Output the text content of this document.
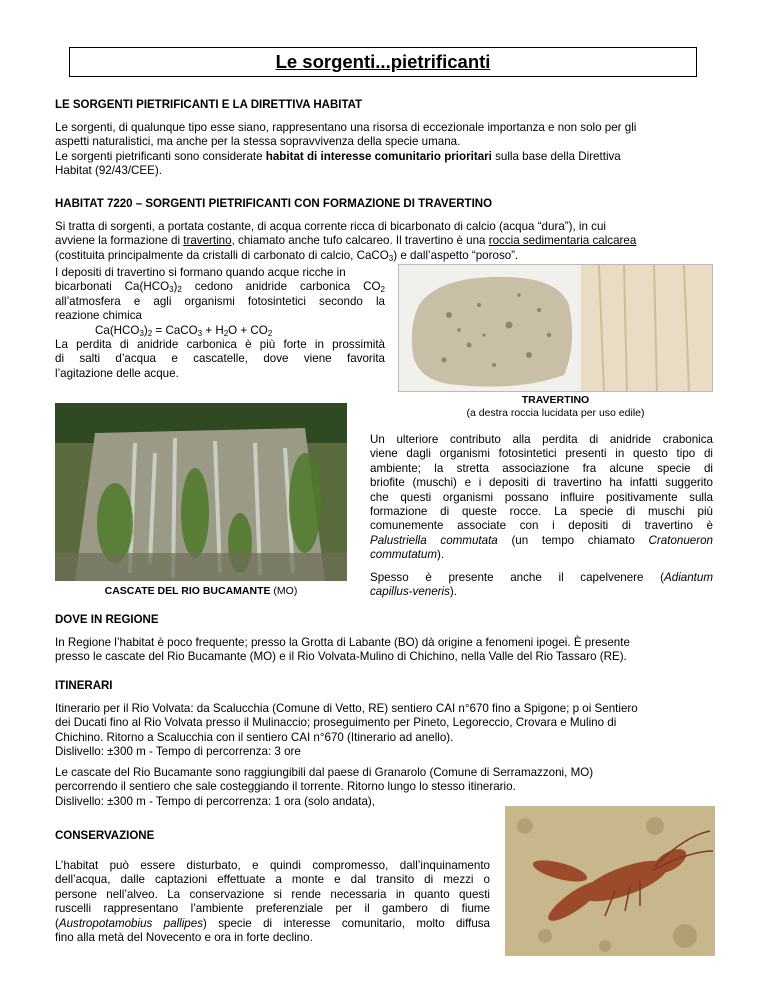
Le sorgenti...pietrificanti
LE SORGENTI PIETRIFICANTI E LA DIRETTIVA HABITAT
Le sorgenti, di qualunque tipo esse siano, rappresentano una risorsa di eccezionale importanza e non solo per gli
aspetti naturalistici, ma anche per la stessa sopravvivenza della specie umana.
Le sorgenti pietrificanti sono considerate habitat di interesse comunitario prioritari sulla base della Direttiva
Habitat (92/43/CEE).
HABITAT 7220 – SORGENTI PIETRIFICANTI CON FORMAZIONE DI TRAVERTINO
Si tratta di sorgenti, a portata costante, di acqua corrente ricca di bicarbonato di calcio (acqua “dura”), in cui
avviene la formazione di travertino, chiamato anche tufo calcareo. Il travertino è una roccia sedimentaria calcarea
(costituita principalmente da cristalli di carbonato di calcio, CaCO$_3$) e dall’aspetto “poroso”.
I depositi di travertino si formano quando acque ricche in
bicarbonati $Ca(HCO_3)_2$ cedono anidride carbonica $CO_2$
all’atmosfera e agli organismi fotosintetici secondo la
reazione chimica
$Ca(HCO_3)_2$ = CaCO$_3$ + $H_2O + CO_2$
La perdita di anidride carbonica è più forte in prossimità
di salti d’acqua e cascatelle, dove viene favorita
l’agitazione delle acque.
TRAVERTINO
(a destra roccia lucidata per uso edile)
CASCATE DEL RIO BUCAMANTE (MO)
Un ulteriore contributo alla perdita di anidride crabonica
viene dagli organismi fotosintetici presenti in questo tipo di
ambiente; la stretta associazione fra alcune specie di
briofite (muschi) e i depositi di travertino ha infatti suggerito
che questi organismi possano influire positivamente sulla
formazione di queste rocce. La specie di muschi più
comunemente associate con i depositi di travertino è
Palustriella commutata (un tempo chiamato Cratonueron
commutatum).
Spesso è presente anche il capelvenere (Adiantum
capillus-veneris).
DOVE IN REGIONE
In Regione l’habitat è poco frequente; presso la Grotta di Labante (BO) dà origine a fenomeni ipogei. È presente
presso le cascate del Rio Bucamante (MO) e il Rio Volvata-Mulino di Chichino, nella Valle del Rio Tassaro (RE).
ITINERARI
Itinerario per il Rio Volvata: da Scalucchia (Comune di Vetto, RE) sentiero CAI n°670 fino a Spigone; p oi Sentiero
dei Ducati fino al Rio Volvata presso il Mulinaccio; proseguimento per Pineto, Legoreccio, Crovara e Mulino di
Chichino. Ritorno a Scalucchia con il sentiero CAI n°670 (Itinerario ad anello).
Dislivello: ±300 m - Tempo di percorrenza: 3 ore
Le cascate del Rio Bucamante sono raggiungibili dal paese di Granarolo (Comune di Serramazzoni, MO)
percorrendo il sentiero che sale costeggiando il torrente. Ritorno lungo lo stesso itinerario.
Dislivello: ±300 m - Tempo di percorrenza: 1 ora (solo andata),
CONSERVAZIONE
L’habitat può essere disturbato, e quindi compromesso, dall’inquinamento
dell’acqua, dalle captazioni effettuate a monte e dal transito di mezzi o
persone nell’alveo. La conservazione si rende necessaria in quanto questi
ruscelli rappresentano l’ambiente preferenziale per il gambero di fiume
(Austropotamobius pallipes) specie di interesse comunitario, molto diffusa
fino alla metà del Novecento e ora in forte declino.
